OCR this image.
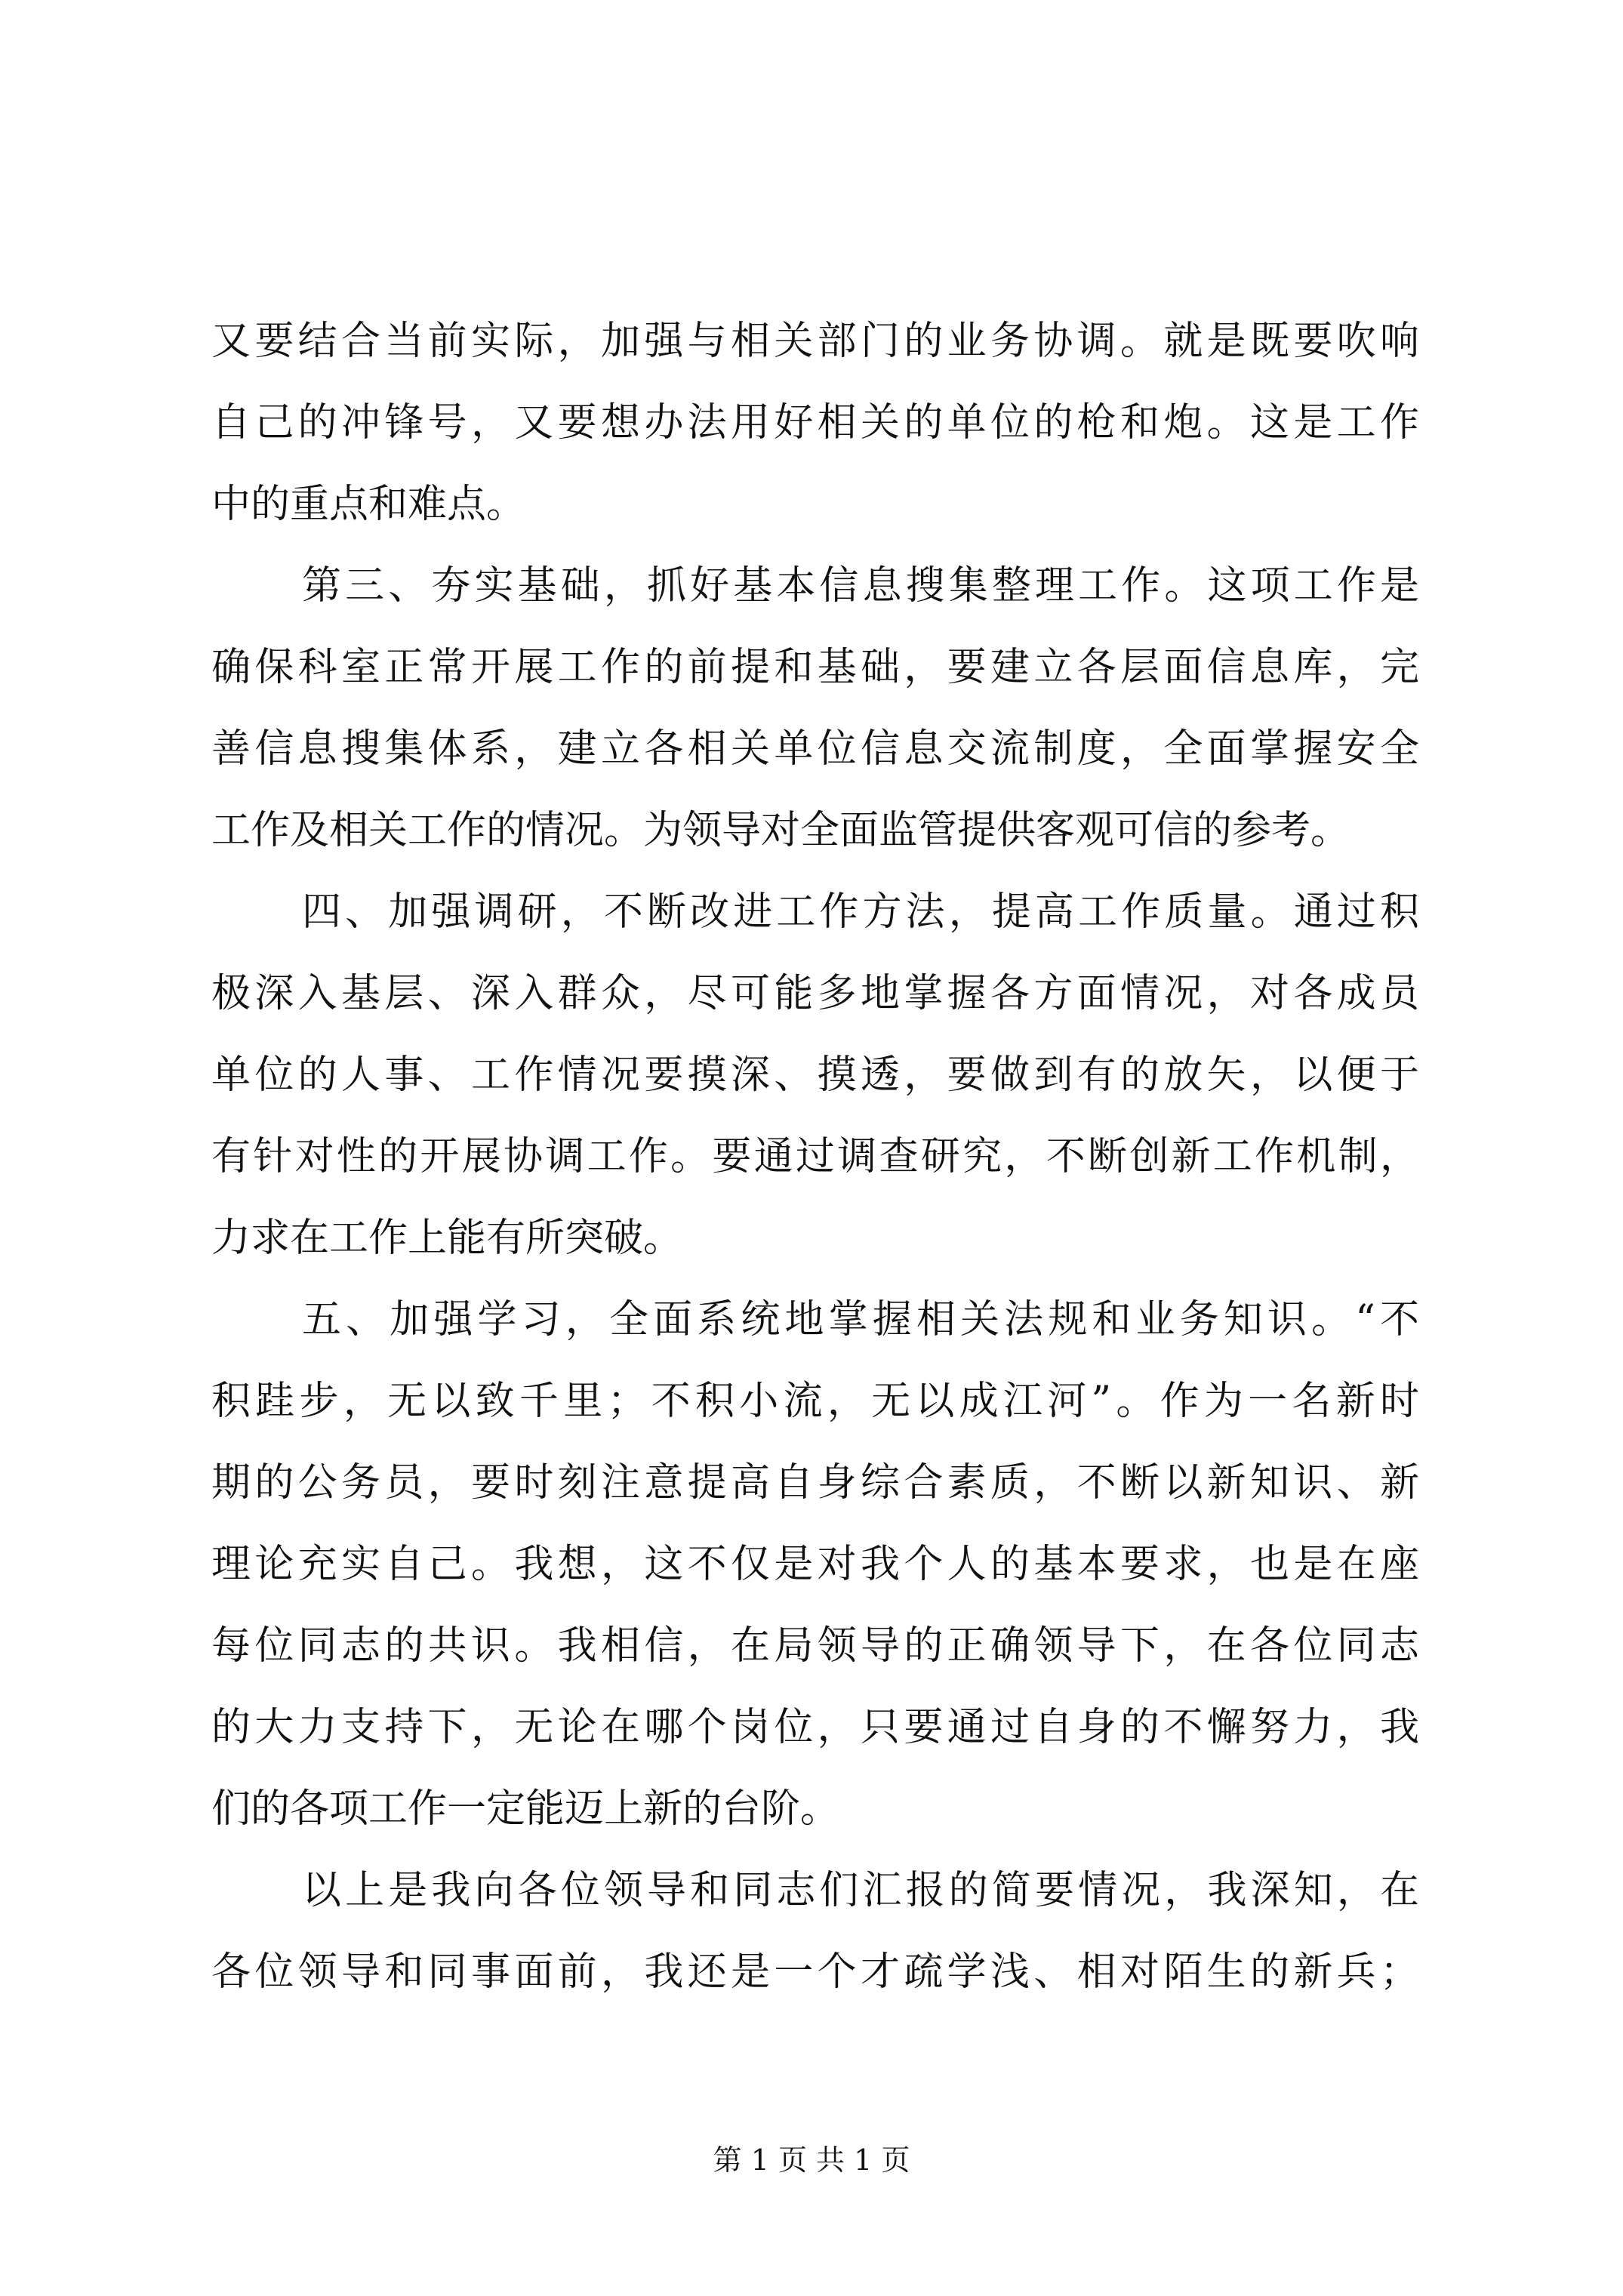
又要结合当前实际，加强与相关部门的业务协调。就是既要吹响
自己的冲锋号，又要想办法用好相关的单位的枪和炮。这是工作
中的重点和难点。
第三、夯实基础，抓好基本信息搜集整理工作。这项工作是
确保科室正常开展工作的前提和基础，要建立各层面信息库，完
善信息搜集体系，建立各相关单位信息交流制度，全面掌握安全
工作及相关工作的情况。为领导对全面监管提供客观可信的参考。
四、加强调研，不断改进工作方法，提高工作质量。通过积
极深入基层、深入群众，尽可能多地掌握各方面情况，对各成员
单位的人事、工作情况要摸深、摸透，要做到有的放矢，以便于
有针对性的开展协调工作。要通过调查研究，不断创新工作机制，
力求在工作上能有所突破。
五、加强学习，全面系统地掌握相关法规和业务知识。“不
积跬步，无以致千里；不积小流，无以成江河”。作为一名新时
期的公务员，要时刻注意提高自身综合素质，不断以新知识、新
理论充实自己。我想，这不仅是对我个人的基本要求，也是在座
每位同志的共识。我相信，在局领导的正确领导下，在各位同志
的大力支持下，无论在哪个岗位，只要通过自身的不懈努力，我
们的各项工作一定能迈上新的台阶。
以上是我向各位领导和同志们汇报的简要情况，我深知，在
各位领导和同事面前，我还是一个才疏学浅、相对陌生的新兵；
第 1 页 共 1 页
